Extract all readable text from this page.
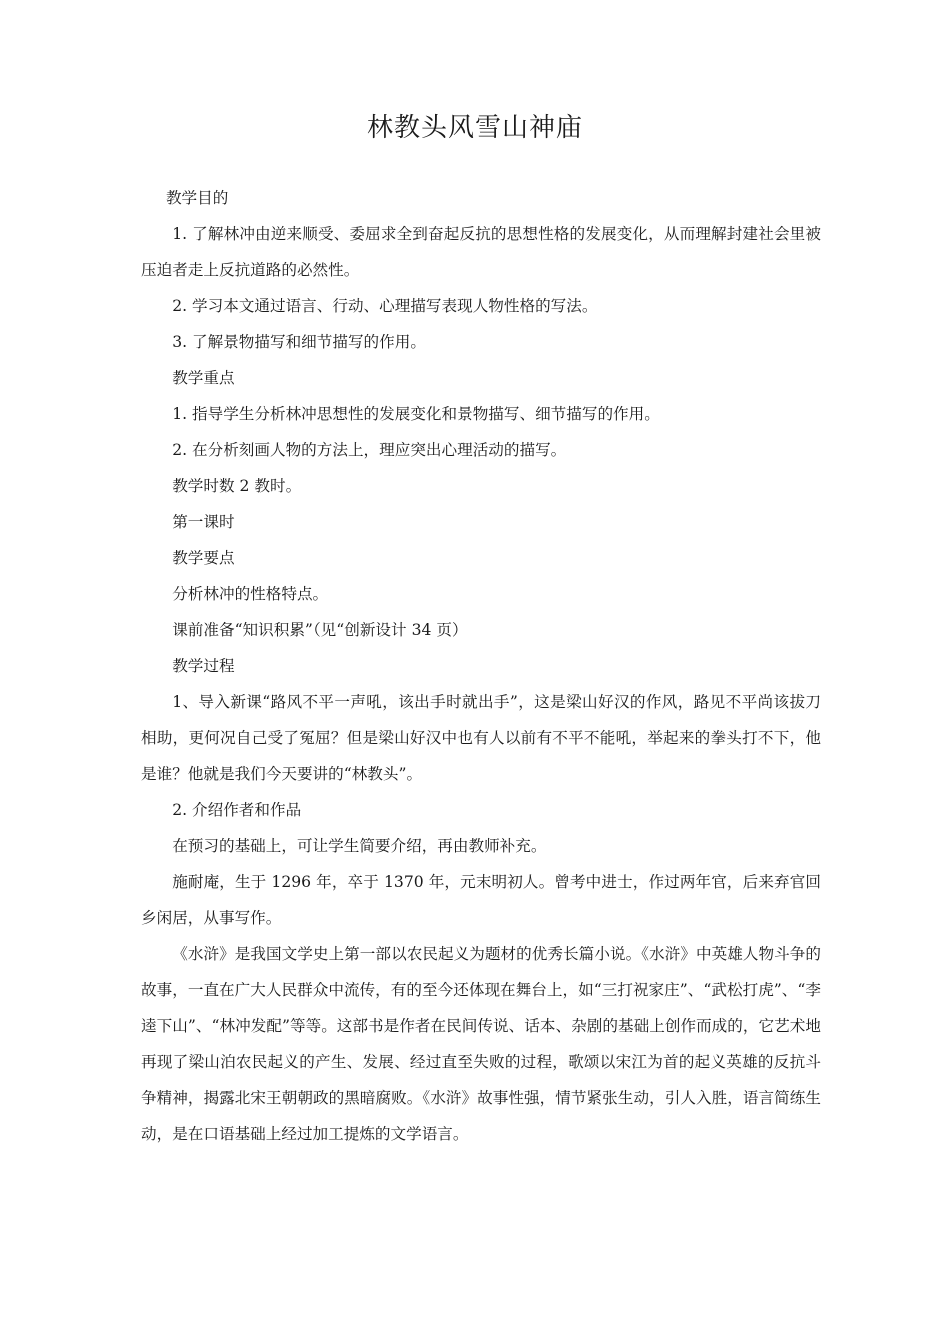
林教头风雪山神庙

教学目的

1. 了解林冲由逆来顺受、委屈求全到奋起反抗的思想性格的发展变化，从而理解封建社会里被压迫者走上反抗道路的必然性。

2. 学习本文通过语言、行动、心理描写表现人物性格的写法。

3. 了解景物描写和细节描写的作用。

教学重点

1. 指导学生分析林冲思想性的发展变化和景物描写、细节描写的作用。

2. 在分析刻画人物的方法上，理应突出心理活动的描写。

教学时数 2 教时。

第一课时

教学要点

分析林冲的性格特点。

课前准备“知识积累”（见“创新设计 34 页）

教学过程

1、导入新课“路风不平一声吼，该出手时就出手”，这是梁山好汉的作风，路见不平尚该拔刀相助，更何况自己受了冤屈？但是梁山好汉中也有人以前有不平不能吼，举起来的拳头打不下，他是谁？他就是我们今天要讲的“林教头”。

2. 介绍作者和作品

在预习的基础上，可让学生简要介绍，再由教师补充。

施耐庵，生于 1296 年，卒于 1370 年，元末明初人。曾考中进士，作过两年官，后来弃官回乡闲居，从事写作。

《水浒》是我国文学史上第一部以农民起义为题材的优秀长篇小说。《水浒》中英雄人物斗争的故事，一直在广大人民群众中流传，有的至今还体现在舞台上，如“三打祝家庄”、“武松打虎”、“李逵下山”、“林冲发配”等等。这部书是作者在民间传说、话本、杂剧的基础上创作而成的，它艺术地再现了梁山泊农民起义的产生、发展、经过直至失败的过程，歌颂以宋江为首的起义英雄的反抗斗争精神，揭露北宋王朝朝政的黑暗腐败。《水浒》故事性强，情节紧张生动，引人入胜，语言简练生动，是在口语基础上经过加工提炼的文学语言。
